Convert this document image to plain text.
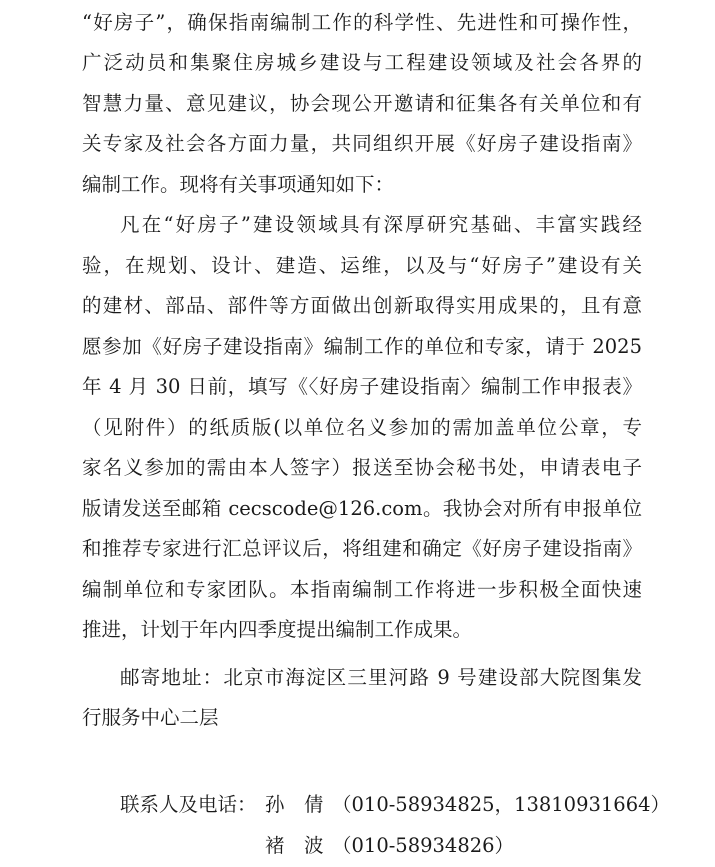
“好房子”，确保指南编制工作的科学性、先进性和可操作性，
广泛动员和集聚住房城乡建设与工程建设领域及社会各界的
智慧力量、意见建议，协会现公开邀请和征集各有关单位和有
关专家及社会各方面力量，共同组织开展《好房子建设指南》
编制工作。现将有关事项通知如下：
凡在“好房子”建设领域具有深厚研究基础、丰富实践经
验，在规划、设计、建造、运维，以及与“好房子”建设有关
的建材、部品、部件等方面做出创新取得实用成果的，且有意
愿参加《好房子建设指南》编制工作的单位和专家，请于 2025
年 4 月 30 日前，填写《〈好房子建设指南〉编制工作申报表》
（见附件）的纸质版(以单位名义参加的需加盖单位公章，专
家名义参加的需由本人签字）报送至协会秘书处，申请表电子
版请发送至邮箱 cecscode@126.com。我协会对所有申报单位
和推荐专家进行汇总评议后，将组建和确定《好房子建设指南》
编制单位和专家团队。本指南编制工作将进一步积极全面快速
推进，计划于年内四季度提出编制工作成果。
邮寄地址：北京市海淀区三里河路 9 号建设部大院图集发
行服务中心二层
联系人及电话： 孙　倩 （010-58934825，13810931664）
褚　波 （010-58934826）
